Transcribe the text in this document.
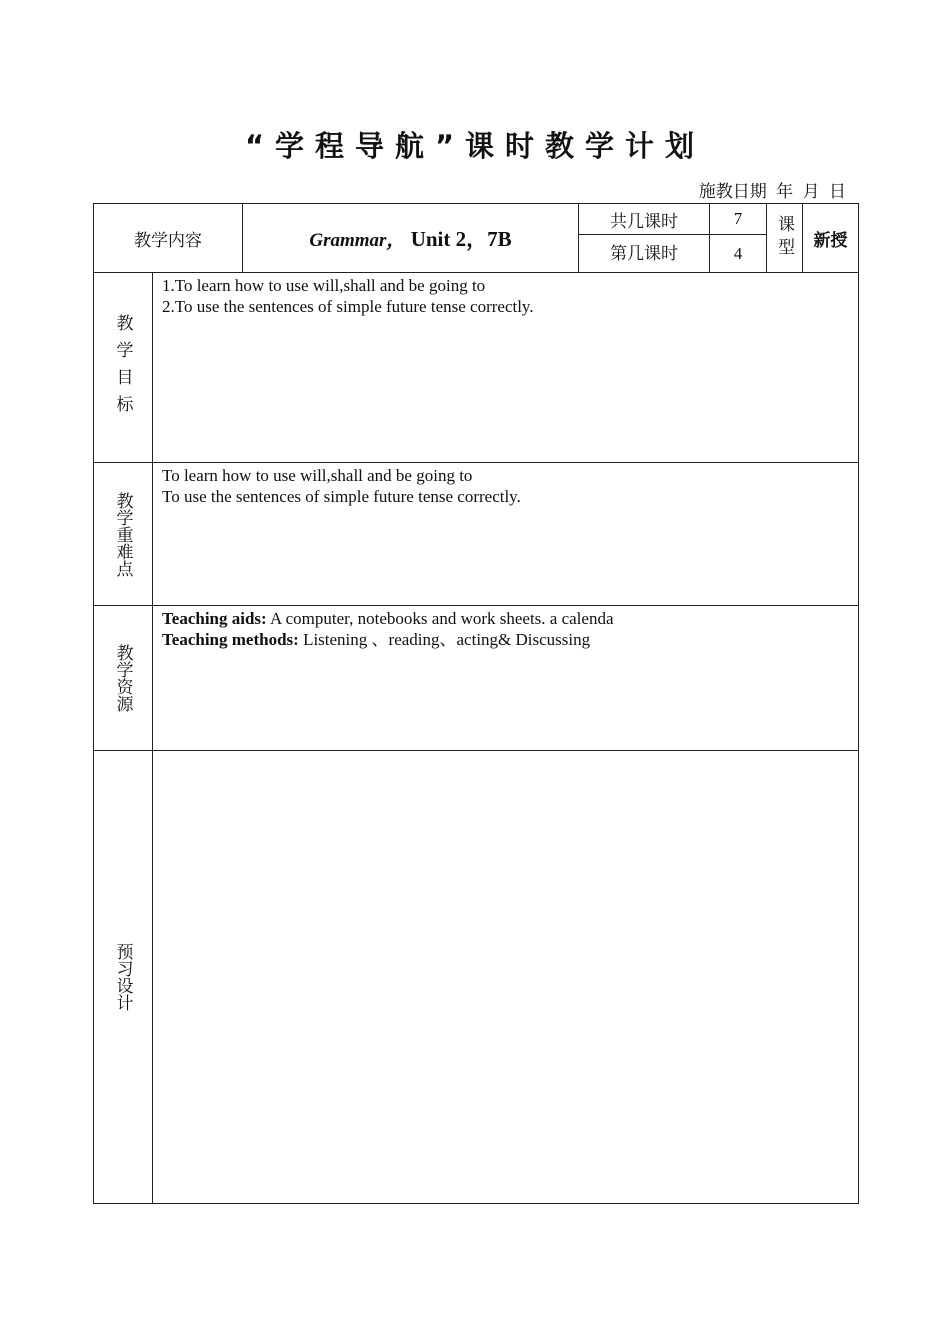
“学程导航”课时教学计划
施教日期 年 月 日
教学内容		Grammar， Unit 2，7B	共几课时	7	课型	新授
			第几课时	4		

教学目标	1.To learn how to use will,shall and be going to

2.To use the sentences of simple future tense correctly.					

教学重难点	To learn how to use will,shall and be going to

To use the sentences of simple future tense correctly.					

教学资源	Teaching aids: A computer, notebooks and work sheets. a calenda

Teaching methods: Listening 、reading、acting& Discussing					

预习设计						
